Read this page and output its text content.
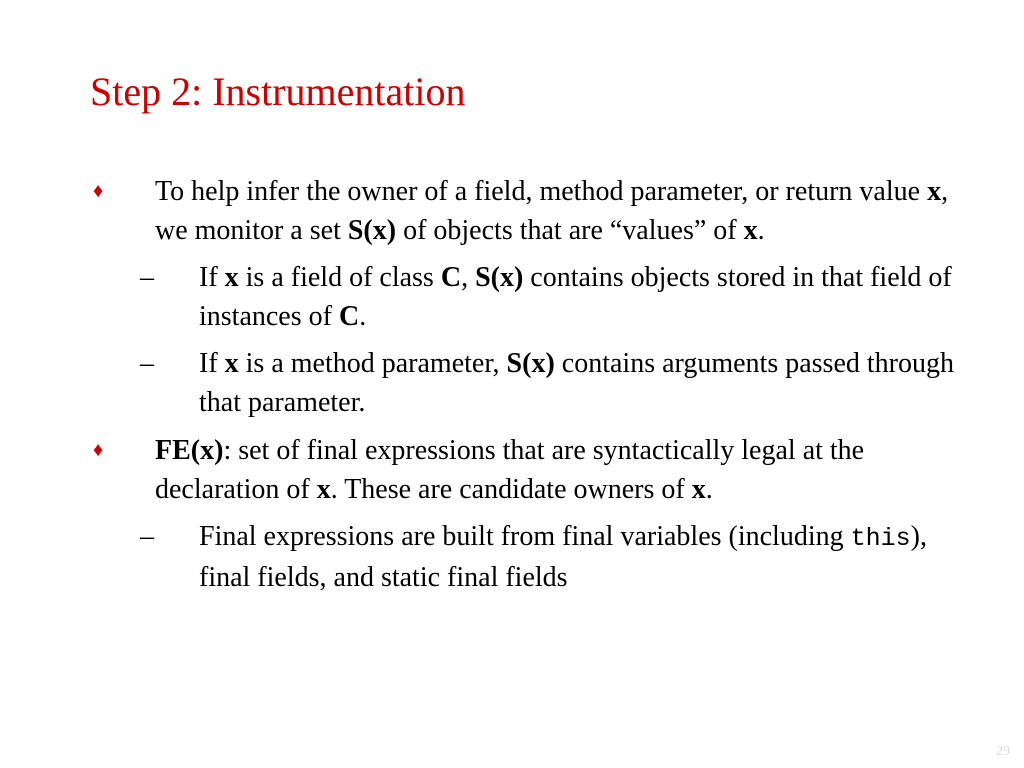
Step 2: Instrumentation
♦ To help infer the owner of a field, method parameter, or return value x, we monitor a set S(x) of objects that are “values” of x.
– If x is a field of class C, S(x) contains objects stored in that field of instances of C.
– If x is a method parameter, S(x) contains arguments passed through that parameter.
♦ FE(x): set of final expressions that are syntactically legal at the declaration of x. These are candidate owners of x.
– Final expressions are built from final variables (including this), final fields, and static final fields
29
